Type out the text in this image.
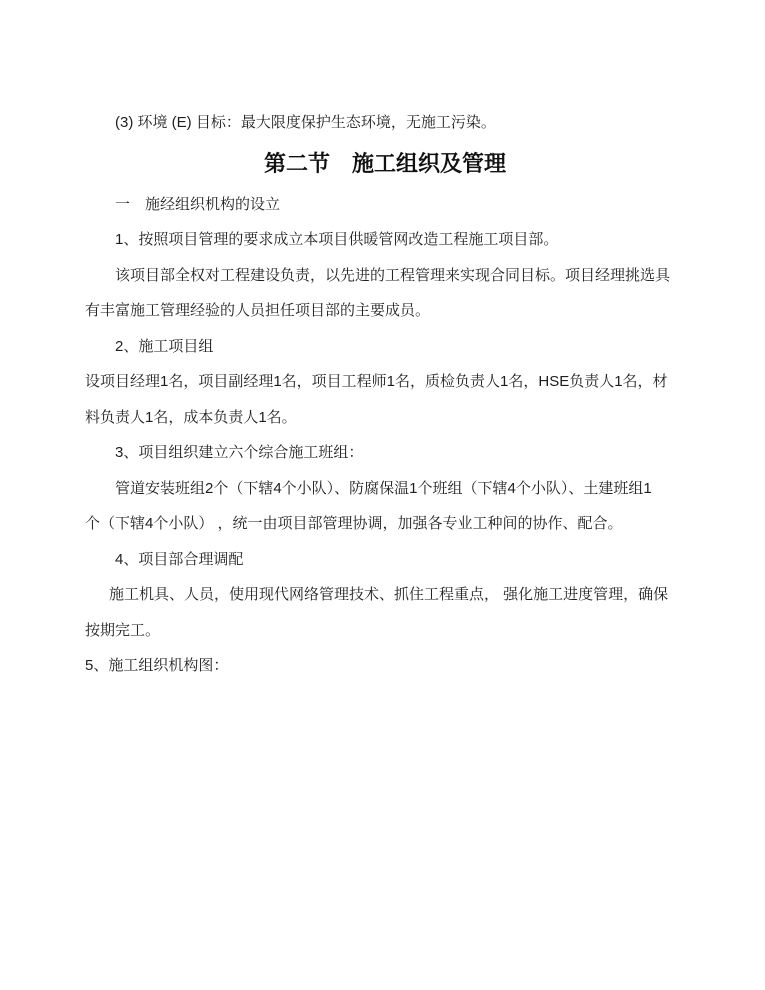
(3) 环境 (E) 目标：最大限度保护生态环境，无施工污染。

第二节　施工组织及管理

一　施经组织机构的设立

1、按照项目管理的要求成立本项目供暖管网改造工程施工项目部。

该项目部全权对工程建设负责，以先进的工程管理来实现合同目标。项目经理挑选具

有丰富施工管理经验的人员担任项目部的主要成员。

2、施工项目组

设项目经理1名，项目副经理1名，项目工程师1名，质检负责人1名，HSE负责人1名，材

料负责人1名，成本负责人1名。

3、项目组织建立六个综合施工班组：

管道安装班组2个（下辖4个小队）、防腐保温1个班组（下辖4个小队）、土建班组1

个（下辖4个小队） ，统一由项目部管理协调，加强各专业工种间的协作、配合。

4、项目部合理调配

施工机具、人员，使用现代网络管理技术、抓住工程重点， 强化施工进度管理，确保

按期完工。

5、施工组织机构图：
